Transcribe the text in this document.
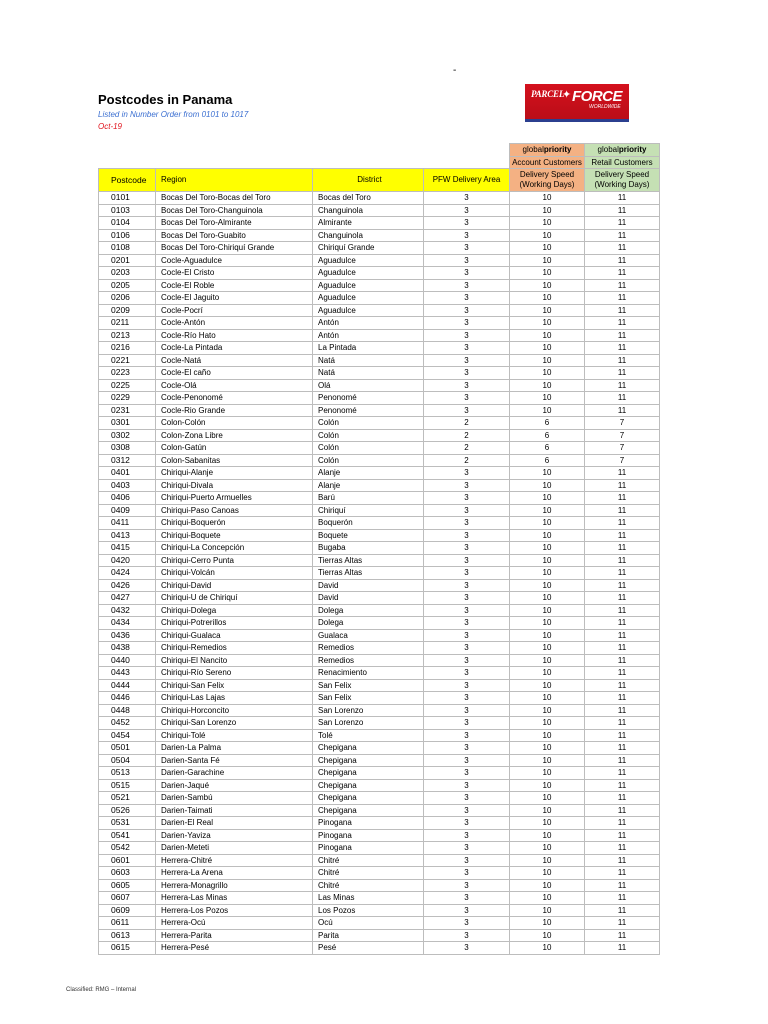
-
Postcodes in Panama
Listed in Number Order from 0101 to 1017
Oct-19
PARCEL
✦ FORCE
WORLDWIDE
				globalpriority	globalpriority
				Account Customers	Retail Customers
Postcode	Region	District	PFW Delivery Area	Delivery Speed (Working Days)	Delivery Speed (Working Days)
0101	Bocas Del Toro-Bocas del Toro	Bocas del Toro	3	10	11
0103	Bocas Del Toro-Changuinola	Changuinola	3	10	11
0104	Bocas Del Toro-Almirante	Almirante	3	10	11
0106	Bocas Del Toro-Guabito	Changuinola	3	10	11
0108	Bocas Del Toro-Chiriquí Grande	Chiriquí Grande	3	10	11
0201	Cocle-Aguadulce	Aguadulce	3	10	11
0203	Cocle-El Cristo	Aguadulce	3	10	11
0205	Cocle-El Roble	Aguadulce	3	10	11
0206	Cocle-El Jaguito	Aguadulce	3	10	11
0209	Cocle-Pocrí	Aguadulce	3	10	11
0211	Cocle-Antón	Antón	3	10	11
0213	Cocle-Río Hato	Antón	3	10	11
0216	Cocle-La Pintada	La Pintada	3	10	11
0221	Cocle-Natá	Natá	3	10	11
0223	Cocle-El caño	Natá	3	10	11
0225	Cocle-Olá	Olá	3	10	11
0229	Cocle-Penonomé	Penonomé	3	10	11
0231	Cocle-Rio Grande	Penonomé	3	10	11
0301	Colon-Colón	Colón	2	6	7
0302	Colon-Zona Libre	Colón	2	6	7
0308	Colon-Gatún	Colón	2	6	7
0312	Colon-Sabanitas	Colón	2	6	7
0401	Chiriqui-Alanje	Alanje	3	10	11
0403	Chiriqui-Divala	Alanje	3	10	11
0406	Chiriqui-Puerto Armuelles	Barú	3	10	11
0409	Chiriqui-Paso Canoas	Chiriquí	3	10	11
0411	Chiriqui-Boquerón	Boquerón	3	10	11
0413	Chiriqui-Boquete	Boquete	3	10	11
0415	Chiriqui-La Concepción	Bugaba	3	10	11
0420	Chiriqui-Cerro Punta	Tierras Altas	3	10	11
0424	Chiriqui-Volcán	Tierras Altas	3	10	11
0426	Chiriqui-David	David	3	10	11
0427	Chiriqui-U de Chiriquí	David	3	10	11
0432	Chiriqui-Dolega	Dolega	3	10	11
0434	Chiriqui-Potrerillos	Dolega	3	10	11
0436	Chiriqui-Gualaca	Gualaca	3	10	11
0438	Chiriqui-Remedios	Remedios	3	10	11
0440	Chiriqui-El Nancito	Remedios	3	10	11
0443	Chiriqui-Río Sereno	Renacimiento	3	10	11
0444	Chiriqui-San Felix	San Felix	3	10	11
0446	Chiriqui-Las Lajas	San Felix	3	10	11
0448	Chiriqui-Horconcito	San Lorenzo	3	10	11
0452	Chiriqui-San Lorenzo	San Lorenzo	3	10	11
0454	Chiriqui-Tolé	Tolé	3	10	11
0501	Darien-La Palma	Chepigana	3	10	11
0504	Darien-Santa Fé	Chepigana	3	10	11
0513	Darien-Garachine	Chepigana	3	10	11
0515	Darien-Jaqué	Chepigana	3	10	11
0521	Darien-Sambú	Chepigana	3	10	11
0526	Darien-Taimati	Chepigana	3	10	11
0531	Darien-El Real	Pinogana	3	10	11
0541	Darien-Yaviza	Pinogana	3	10	11
0542	Darien-Meteti	Pinogana	3	10	11
0601	Herrera-Chitré	Chitré	3	10	11
0603	Herrera-La Arena	Chitré	3	10	11
0605	Herrera-Monagrillo	Chitré	3	10	11
0607	Herrera-Las Minas	Las Minas	3	10	11
0609	Herrera-Los Pozos	Los Pozos	3	10	11
0611	Herrera-Ocú	Ocú	3	10	11
0613	Herrera-Parita	Parita	3	10	11
0615	Herrera-Pesé	Pesé	3	10	11
Classified: RMG – Internal
